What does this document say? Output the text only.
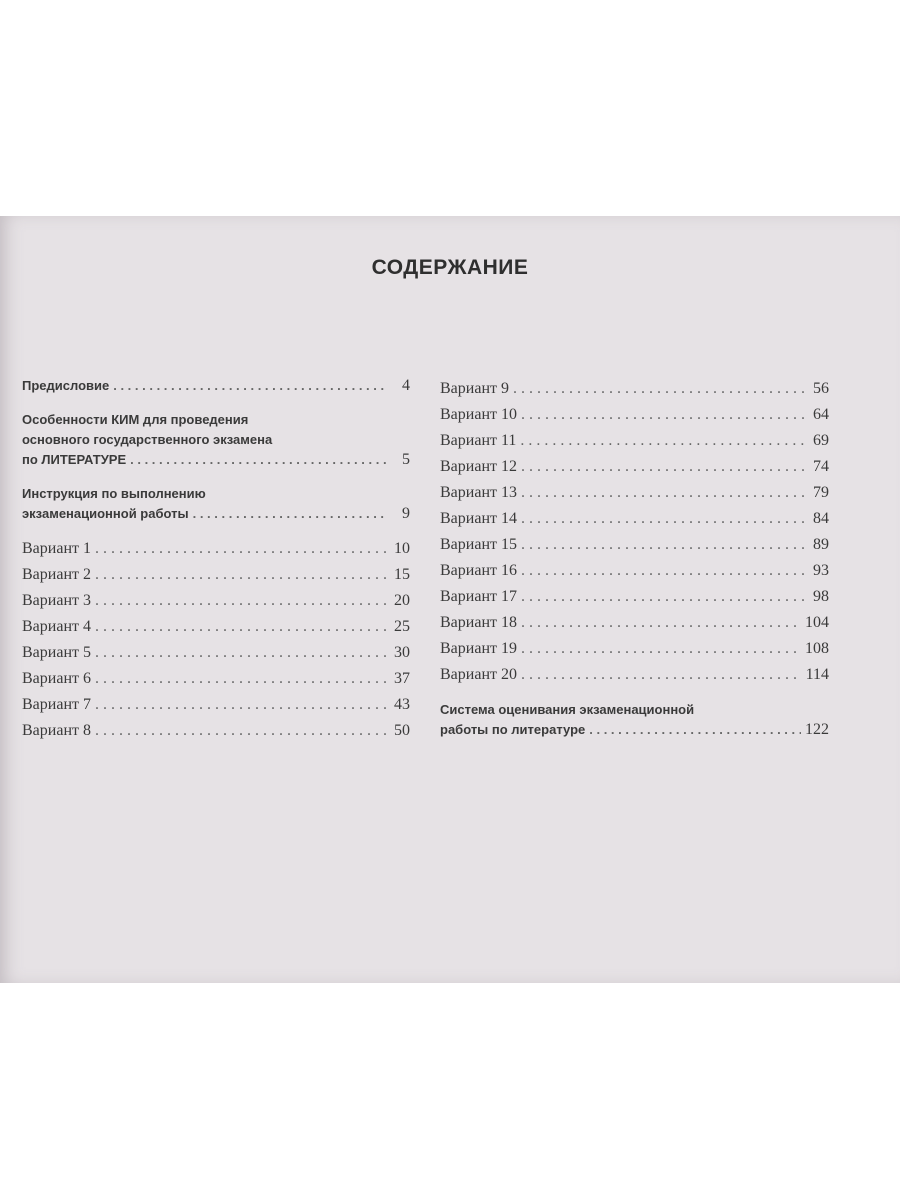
СОДЕРЖАНИЕ
Предисловие . . .	4
Особенности КИМ для проведения
основного государственного экзамена
по ЛИТЕРАТУРЕ . . .	5
Инструкция по выполнению
экзаменационной работы . . .	9
Вариант 1 . . .	10
Вариант 2 . . .	15
Вариант 3 . . .	20
Вариант 4 . . .	25
Вариант 5 . . .	30
Вариант 6 . . .	37
Вариант 7 . . .	43
Вариант 8 . . .	50
Вариант 9 . . .	56
Вариант 10 . . .	64
Вариант 11 . . .	69
Вариант 12 . . .	74
Вариант 13 . . .	79
Вариант 14 . . .	84
Вариант 15 . . .	89
Вариант 16 . . .	93
Вариант 17 . . .	98
Вариант 18 . . .	104
Вариант 19 . . .	108
Вариант 20 . . .	114
Система оценивания экзаменационной
работы по литературе . . .	122
